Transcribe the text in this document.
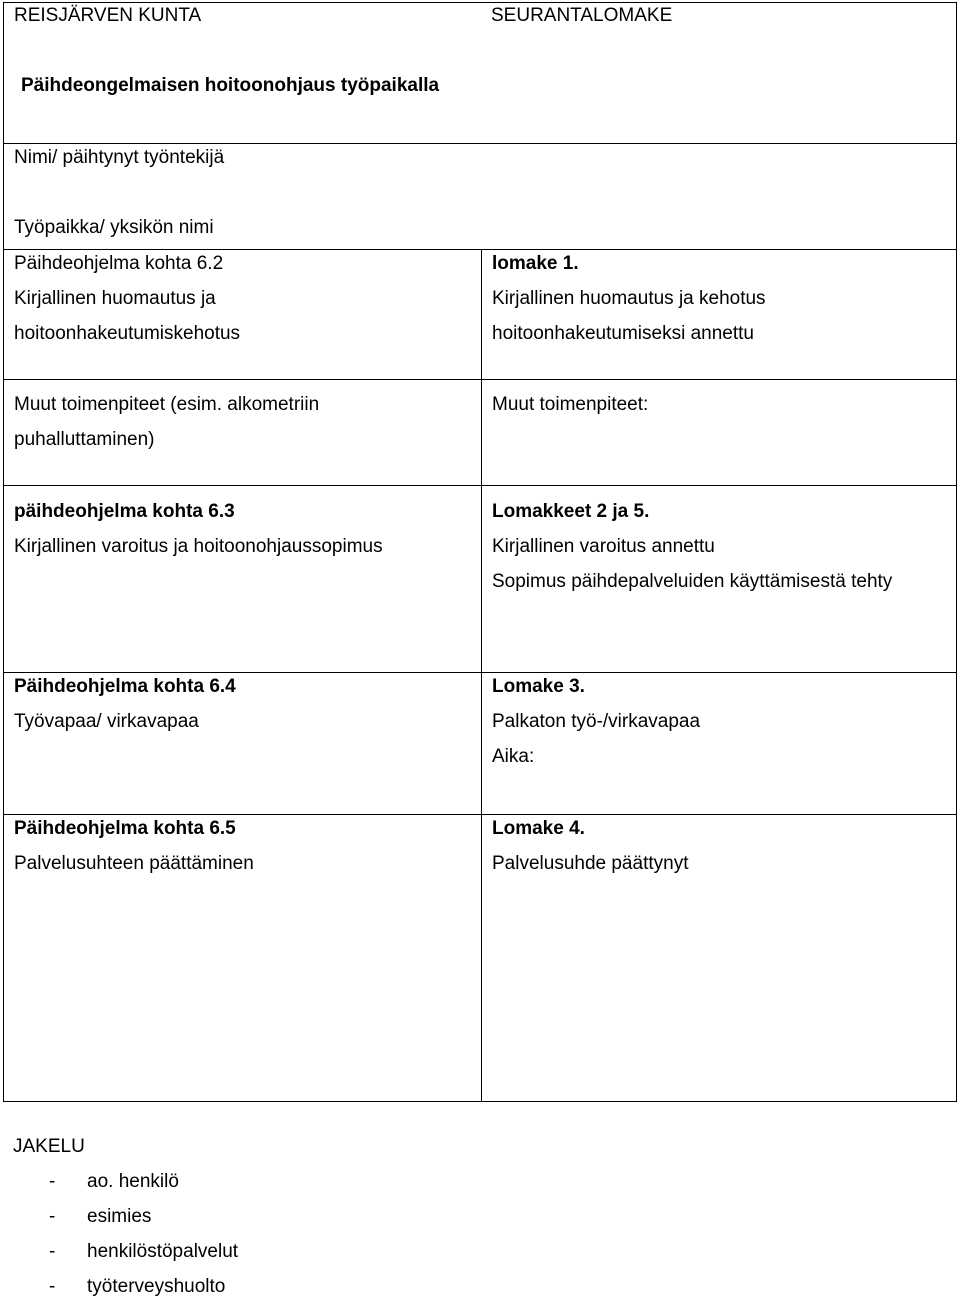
REISJÄRVEN KUNTA	SEURANTALOMAKE
Päihdeongelmaisen hoitoonohjaus työpaikalla
Nimi/ päihtynyt työntekijä
Työpaikka/ yksikön nimi
Päihdeohjelma kohta 6.2
Kirjallinen huomautus ja
hoitoonhakeutumiskehotus
lomake 1.
Kirjallinen huomautus ja kehotus
hoitoonhakeutumiseksi annettu
Muut toimenpiteet (esim. alkometriin
puhalluttaminen)
Muut toimenpiteet:
päihdeohjelma kohta 6.3
Kirjallinen varoitus ja hoitoonohjaussopimus
Lomakkeet 2 ja 5.
Kirjallinen varoitus annettu
Sopimus päihdepalveluiden käyttämisestä tehty
Päihdeohjelma kohta 6.4
Työvapaa/ virkavapaa
Lomake 3.
Palkaton työ-/virkavapaa
Aika:
Päihdeohjelma kohta 6.5
Palvelusuhteen päättäminen
Lomake 4.
Palvelusuhde päättynyt
JAKELU
- ao. henkilö
- esimies
- henkilöstöpalvelut
- työterveyshuolto
